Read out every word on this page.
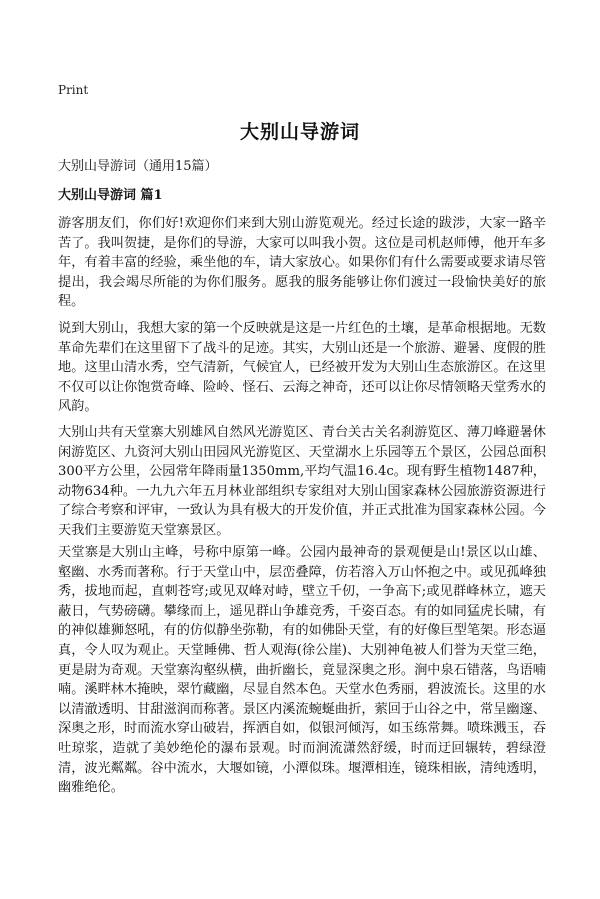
Print
大别山导游词
大别山导游词（通用15篇）
大别山导游词 篇1

游客朋友们，你们好!欢迎你们来到大别山游览观光。经过长途的跋涉，大家一路辛苦了。我叫贺捷，是你们的导游，大家可以叫我小贺。这位是司机赵师傅，他开车多年，有着丰富的经验，乘坐他的车，请大家放心。如果你们有什么需要或要求请尽管提出，我会竭尽所能的为你们服务。愿我的服务能够让你们渡过一段愉快美好的旅程。

说到大别山，我想大家的第一个反映就是这是一片红色的土壤，是革命根据地。无数革命先辈们在这里留下了战斗的足迹。其实，大别山还是一个旅游、避暑、度假的胜地。这里山清水秀，空气清新，气候宜人，已经被开发为大别山生态旅游区。在这里不仅可以让你饱赏奇峰、险岭、怪石、云海之神奇，还可以让你尽情领略天堂秀水的风韵。

大别山共有天堂寨大别雄风自然风光游览区、青台关古关名刹游览区、薄刀峰避暑休闲游览区、九资河大别山田园风光游览区、天堂湖水上乐园等五个景区，公园总面积300平方公里，公园常年降雨量1350mm,平均气温16.4c。现有野生植物1487种，动物634种。一九九六年五月林业部组织专家组对大别山国家森林公园旅游资源进行了综合考察和评审，一致认为具有极大的开发价值，并正式批准为国家森林公园。今天我们主要游览天堂寨景区。

天堂寨是大别山主峰，号称中原第一峰。公园内最神奇的景观便是山!景区以山雄、壑幽、水秀而著称。行于天堂山中，层峦叠障，仿若溶入万山怀抱之中。或见孤峰独秀，拔地而起，直刺苍穹;或见双峰对峙，壁立千仞，一争高下;或见群峰林立，遮天蔽日，气势磅礴。攀缘而上，遥见群山争雄竞秀，千姿百态。有的如同猛虎长啸，有的神似雄狮怒吼，有的仿似静坐弥勒，有的如佛卧天堂，有的好像巨型笔架。形态逼真，令人叹为观止。天堂睡佛、哲人观海(徐公崖)、大别神龟被人们誉为天堂三绝，更是尉为奇观。天堂寨沟壑纵横，曲折幽长，竟显深奥之形。涧中泉石错落，鸟语喃喃。溪畔林木掩映，翠竹藏幽，尽显自然本色。天堂水色秀丽，碧波流长。这里的水以清澈透明、甘甜滋润而称著。景区内溪流蜿蜒曲折，萦回于山谷之中，常呈幽邃、深奥之形，时而流水穿山破岩，挥洒自如，似银河倾泻，如玉练常舞。喷珠溅玉，吞吐琼浆，造就了美妙绝伦的瀑布景观。时而涧流潇然舒缓，时而迂回辗转，碧绿澄清，波光粼粼。谷中流水，大堰如镜，小潭似珠。堰潭相连，镜珠相嵌，清纯透明，幽雅绝伦。
